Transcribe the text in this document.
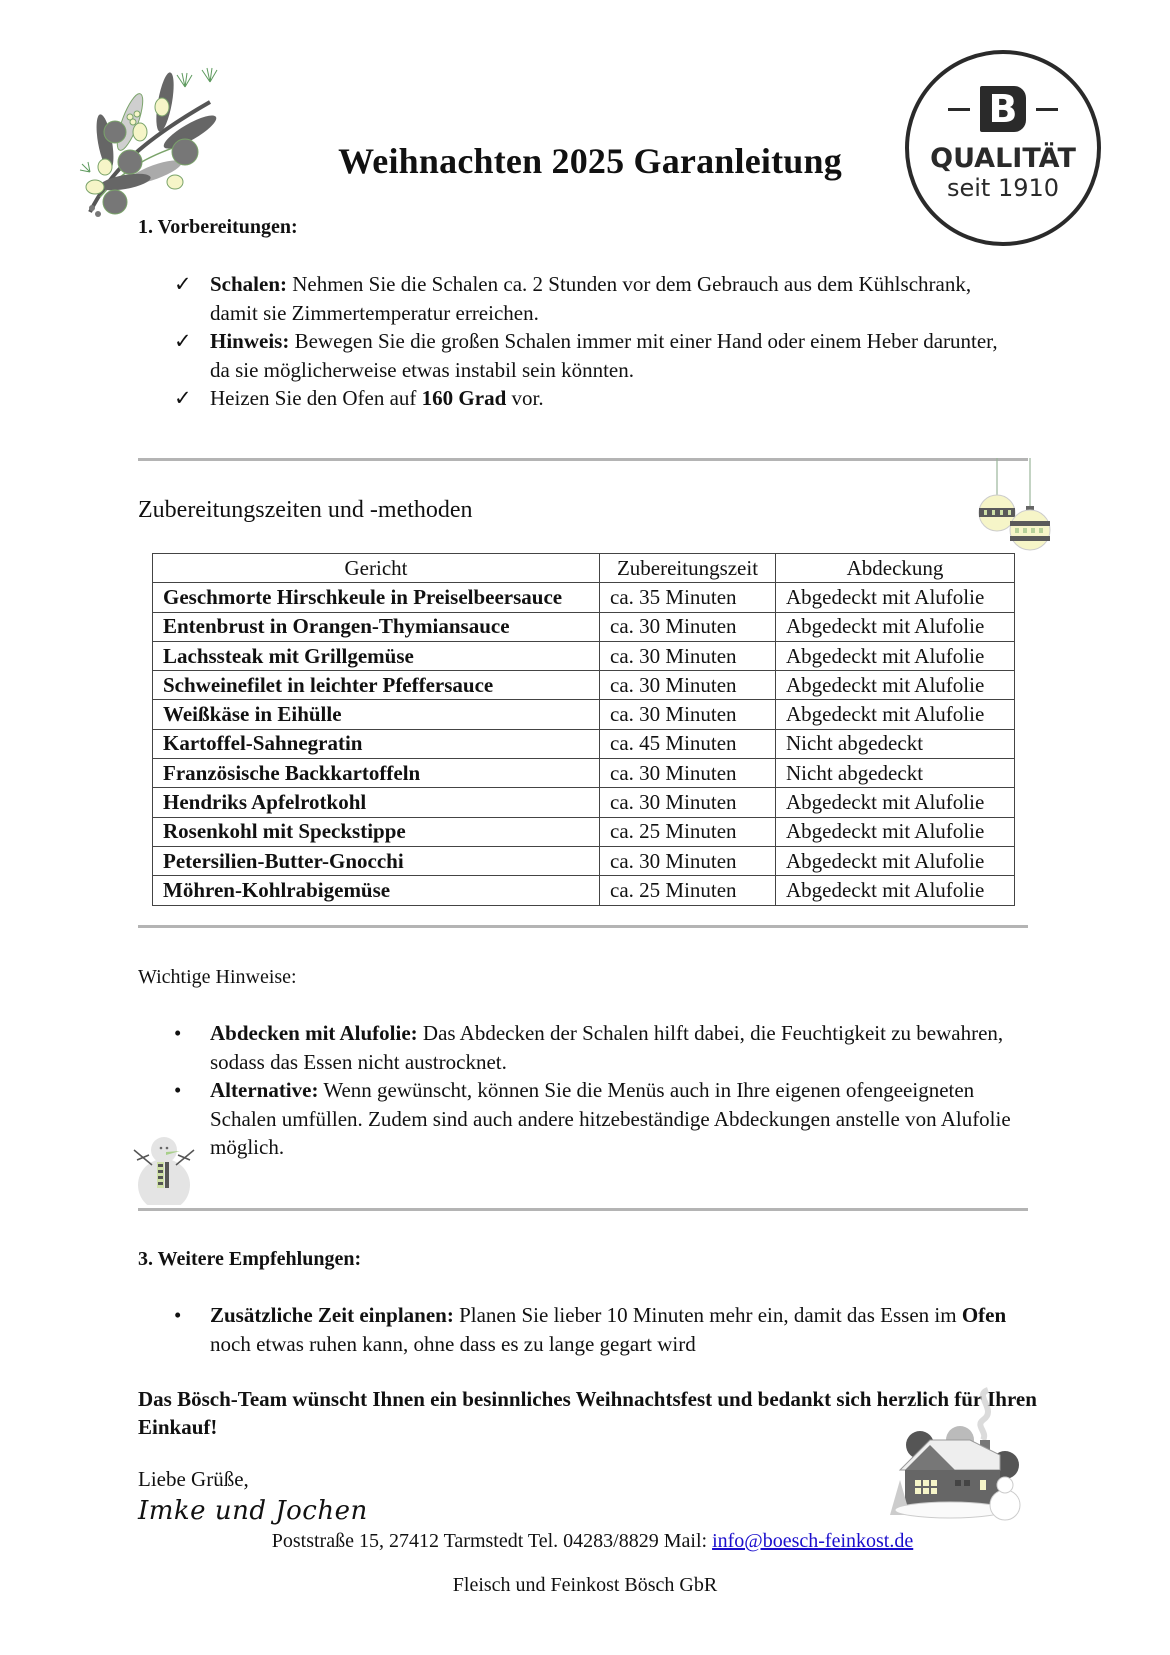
Weihnachten 2025 Garanleitung
B
QUALITÄT
seit 1910
1. Vorbereitungen:
✓ Schalen: Nehmen Sie die Schalen ca. 2 Stunden vor dem Gebrauch aus dem Kühlschrank, damit sie Zimmertemperatur erreichen.
✓ Hinweis: Bewegen Sie die großen Schalen immer mit einer Hand oder einem Heber darunter, da sie möglicherweise etwas instabil sein könnten.
✓ Heizen Sie den Ofen auf 160 Grad vor.
Zubereitungszeiten und -methoden
Gericht	Zubereitungszeit	Abdeckung
Geschmorte Hirschkeule in Preiselbeersauce	ca. 35 Minuten	Abgedeckt mit Alufolie
Entenbrust in Orangen-Thymiansauce	ca. 30 Minuten	Abgedeckt mit Alufolie
Lachssteak mit Grillgemüse	ca. 30 Minuten	Abgedeckt mit Alufolie
Schweinefilet in leichter Pfeffersauce	ca. 30 Minuten	Abgedeckt mit Alufolie
Weißkäse in Eihülle	ca. 30 Minuten	Abgedeckt mit Alufolie
Kartoffel-Sahnegratin	ca. 45 Minuten	Nicht abgedeckt
Französische Backkartoffeln	ca. 30 Minuten	Nicht abgedeckt
Hendriks Apfelrotkohl	ca. 30 Minuten	Abgedeckt mit Alufolie
Rosenkohl mit Speckstippe	ca. 25 Minuten	Abgedeckt mit Alufolie
Petersilien-Butter-Gnocchi	ca. 30 Minuten	Abgedeckt mit Alufolie
Möhren-Kohlrabigemüse	ca. 25 Minuten	Abgedeckt mit Alufolie
Wichtige Hinweise:
• Abdecken mit Alufolie: Das Abdecken der Schalen hilft dabei, die Feuchtigkeit zu bewahren, sodass das Essen nicht austrocknet.
• Alternative: Wenn gewünscht, können Sie die Menüs auch in Ihre eigenen ofengeeigneten Schalen umfüllen. Zudem sind auch andere hitzebeständige Abdeckungen anstelle von Alufolie möglich.
3. Weitere Empfehlungen:
• Zusätzliche Zeit einplanen: Planen Sie lieber 10 Minuten mehr ein, damit das Essen im Ofen noch etwas ruhen kann, ohne dass es zu lange gegart wird
Das Bösch-Team wünscht Ihnen ein besinnliches Weihnachtsfest und bedankt sich herzlich für Ihren Einkauf!
Liebe Grüße,
Imke und Jochen
Poststraße 15, 27412 Tarmstedt Tel. 04283/8829 Mail: info@boesch-feinkost.de
Fleisch und Feinkost Bösch GbR
